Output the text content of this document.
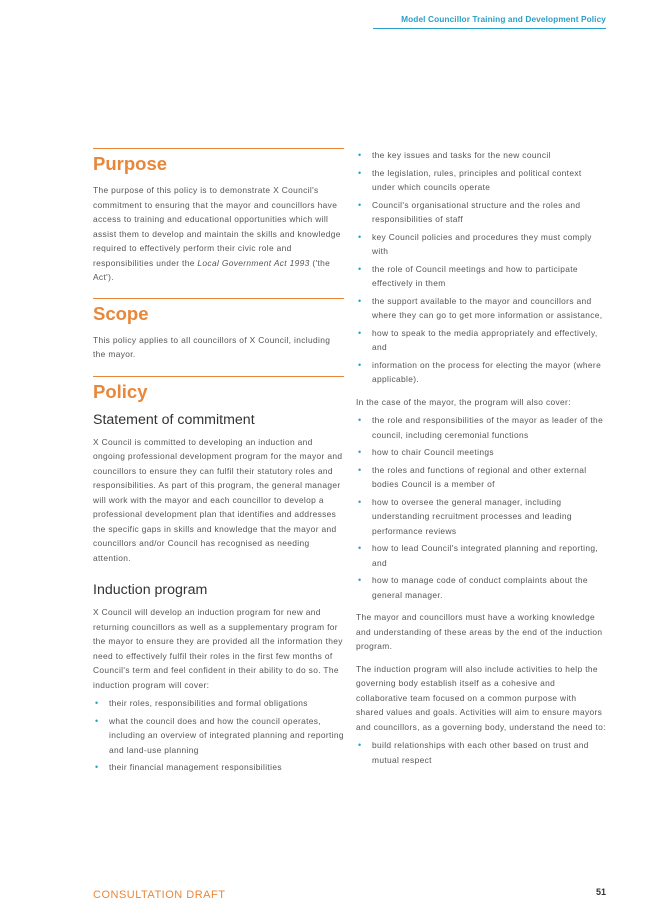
Model Councillor Training and Development Policy
Purpose

The purpose of this policy is to demonstrate X Council's commitment to ensuring that the mayor and councillors have access to training and educational opportunities which will assist them to develop and maintain the skills and knowledge required to effectively perform their civic role and responsibilities under the Local Government Act 1993 ('the Act').

Scope

This policy applies to all councillors of X Council, including the mayor.

Policy
Statement of commitment

X Council is committed to developing an induction and ongoing professional development program for the mayor and councillors to ensure they can fulfil their statutory roles and responsibilities. As part of this program, the general manager will work with the mayor and each councillor to develop a professional development plan that identifies and addresses the specific gaps in skills and knowledge that the mayor and councillors and/or Council has recognised as needing attention.

Induction program

X Council will develop an induction program for new and returning councillors as well as a supplementary program for the mayor to ensure they are provided all the information they need to effectively fulfil their roles in the first few months of Council's term and feel confident in their ability to do so. The induction program will cover:

• their roles, responsibilities and formal obligations
• what the council does and how the council operates, including an overview of integrated planning and reporting and land-use planning
• their financial management responsibilities
• the key issues and tasks for the new council
• the legislation, rules, principles and political context under which councils operate
• Council's organisational structure and the roles and responsibilities of staff
• key Council policies and procedures they must comply with
• the role of Council meetings and how to participate effectively in them
• the support available to the mayor and councillors and where they can go to get more information or assistance,
• how to speak to the media appropriately and effectively, and
• information on the process for electing the mayor (where applicable).

In the case of the mayor, the program will also cover:

• the role and responsibilities of the mayor as leader of the council, including ceremonial functions
• how to chair Council meetings
• the roles and functions of regional and other external bodies Council is a member of
• how to oversee the general manager, including understanding recruitment processes and leading performance reviews
• how to lead Council's integrated planning and reporting, and
• how to manage code of conduct complaints about the general manager.

The mayor and councillors must have a working knowledge and understanding of these areas by the end of the induction program.

The induction program will also include activities to help the governing body establish itself as a cohesive and collaborative team focused on a common purpose with shared values and goals. Activities will aim to ensure mayors and councillors, as a governing body, understand the need to:

• build relationships with each other based on trust and mutual respect
CONSULTATION DRAFT	51
